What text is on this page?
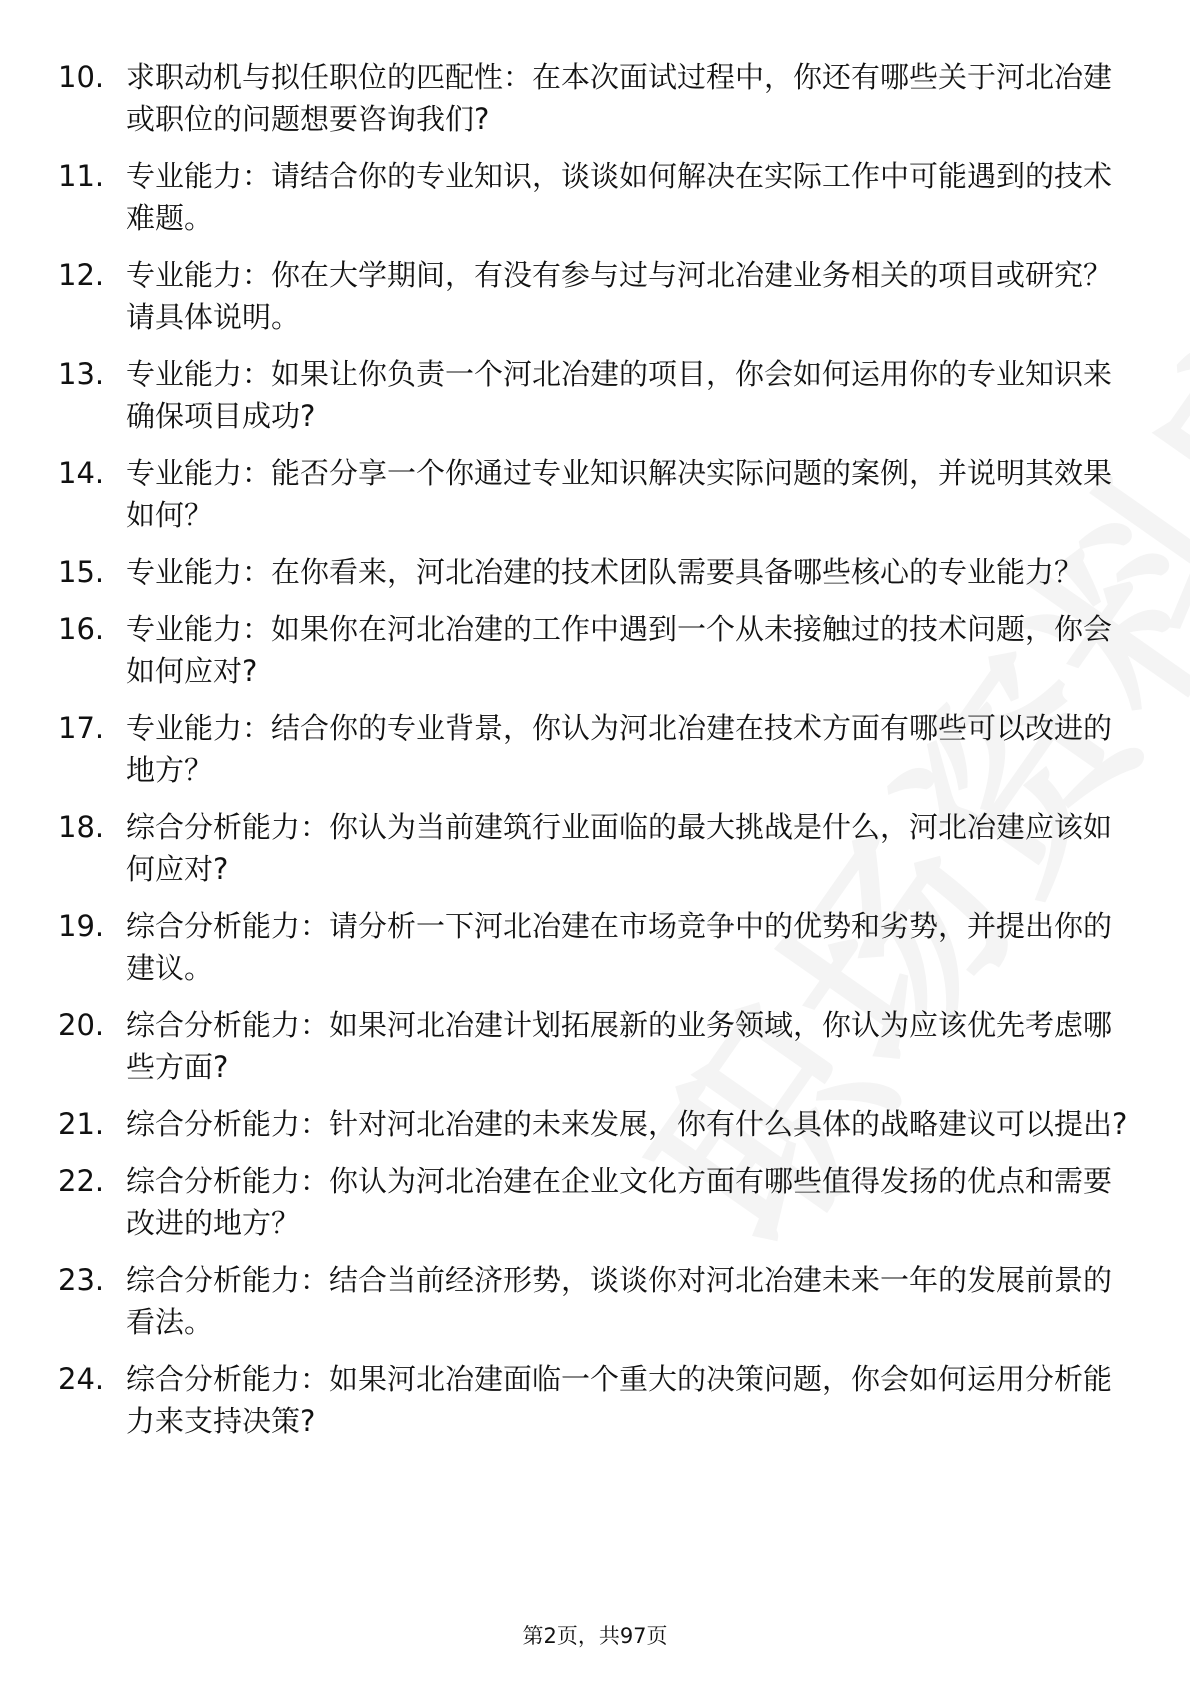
10. 求职动机与拟任职位的匹配性：在本次面试过程中，你还有哪些关于河北冶建或职位的问题想要咨询我们?
11. 专业能力：请结合你的专业知识，谈谈如何解决在实际工作中可能遇到的技术难题。
12. 专业能力：你在大学期间，有没有参与过与河北冶建业务相关的项目或研究？请具体说明。
13. 专业能力：如果让你负责一个河北冶建的项目，你会如何运用你的专业知识来确保项目成功?
14. 专业能力：能否分享一个你通过专业知识解决实际问题的案例，并说明其效果如何？
15. 专业能力：在你看来，河北冶建的技术团队需要具备哪些核心的专业能力？
16. 专业能力：如果你在河北冶建的工作中遇到一个从未接触过的技术问题，你会如何应对?
17. 专业能力：结合你的专业背景，你认为河北冶建在技术方面有哪些可以改进的地方？
18. 综合分析能力：你认为当前建筑行业面临的最大挑战是什么，河北冶建应该如何应对?
19. 综合分析能力：请分析一下河北冶建在市场竞争中的优势和劣势，并提出你的建议。
20. 综合分析能力：如果河北冶建计划拓展新的业务领域，你认为应该优先考虑哪些方面?
21. 综合分析能力：针对河北冶建的未来发展，你有什么具体的战略建议可以提出?
22. 综合分析能力：你认为河北冶建在企业文化方面有哪些值得发扬的优点和需要改进的地方？
23. 综合分析能力：结合当前经济形势，谈谈你对河北冶建未来一年的发展前景的看法。
24. 综合分析能力：如果河北冶建面临一个重大的决策问题，你会如何运用分析能力来支持决策?
第2页，共97页
